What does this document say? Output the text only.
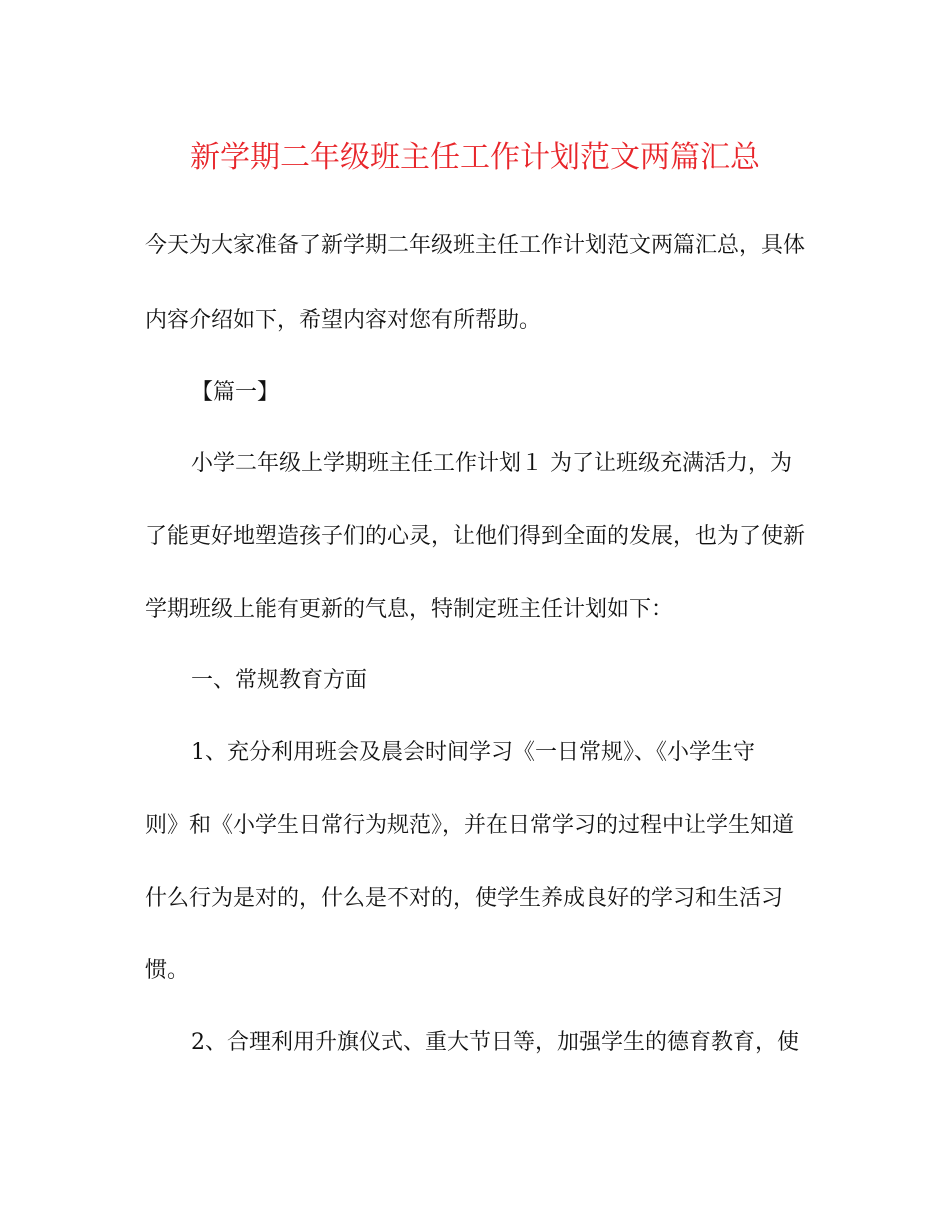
新学期二年级班主任工作计划范文两篇汇总
今天为大家准备了新学期二年级班主任工作计划范文两篇汇总，具体
内容介绍如下，希望内容对您有所帮助。
【篇一】
小学二年级上学期班主任工作计划１ 为了让班级充满活力，为
了能更好地塑造孩子们的心灵，让他们得到全面的发展，也为了使新
学期班级上能有更新的气息，特制定班主任计划如下：
一、常规教育方面
1、充分利用班会及晨会时间学习《一日常规》、《小学生守
则》和《小学生日常行为规范》，并在日常学习的过程中让学生知道
什么行为是对的，什么是不对的，使学生养成良好的学习和生活习
惯。
2、合理利用升旗仪式、重大节日等，加强学生的德育教育，使
